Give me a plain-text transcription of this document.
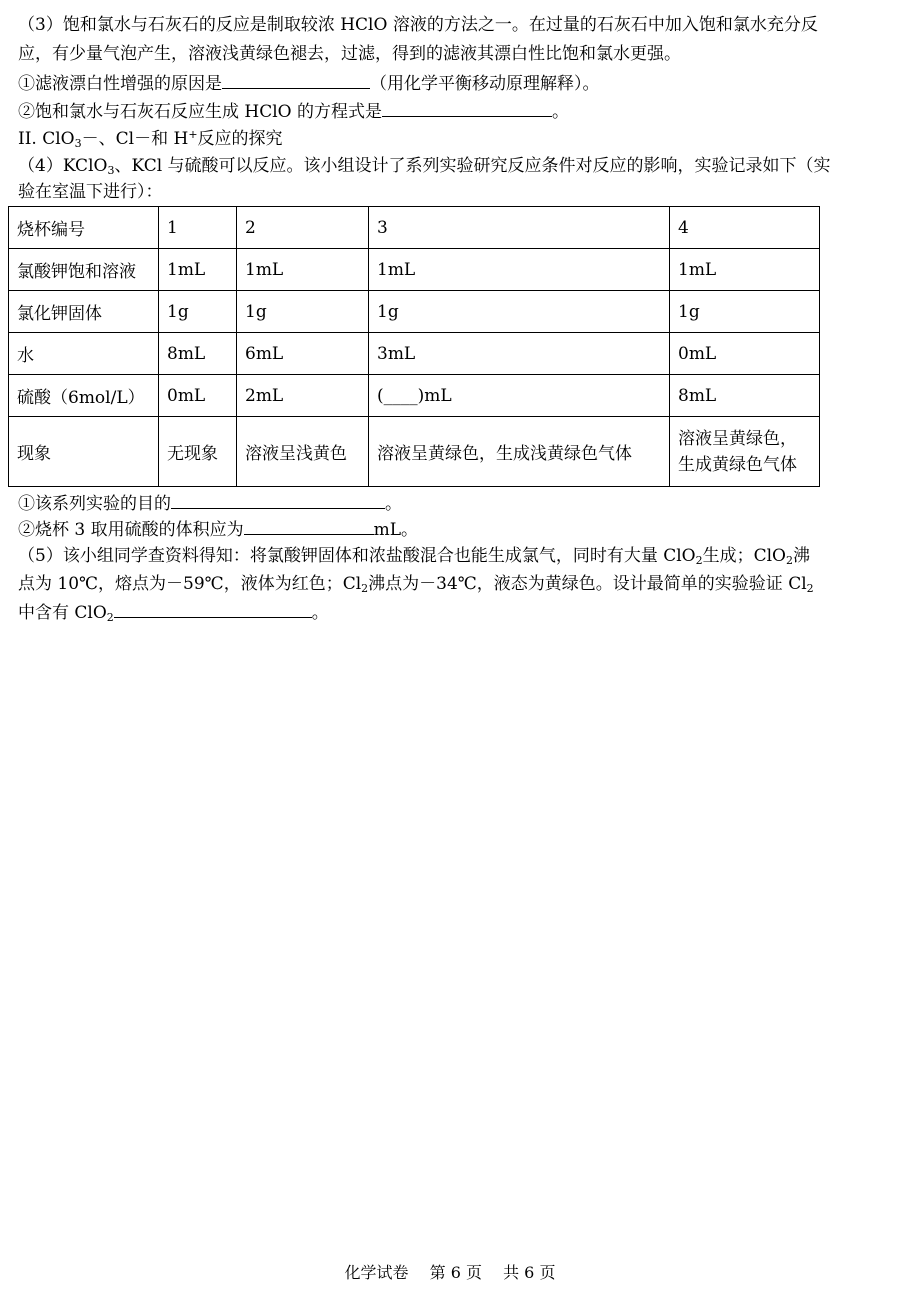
（3）饱和氯水与石灰石的反应是制取较浓 HClO 溶液的方法之一。在过量的石灰石中加入饱和氯水充分反
应，有少量气泡产生，溶液浅黄绿色褪去，过滤，得到的滤液其漂白性比饱和氯水更强。
①滤液漂白性增强的原因是	（用化学平衡移动原理解释）。
②饱和氯水与石灰石反应生成 HClO 的方程式是	。
II. ClO$_3$－、Cl－和 H+反应的探究
（4）KClO$_3$、KCl 与硫酸可以反应。该小组设计了系列实验研究反应条件对反应的影响，实验记录如下（实
验在室温下进行）：
烧杯编号	1	2	3	4
氯酸钾饱和溶液	1mL	1mL	1mL	1mL
氯化钾固体	1g	1g	1g	1g
水	8mL	6mL	3mL	0mL
硫酸（6mol/L）	0mL	2mL	(____)mL	8mL
现象	无现象	溶液呈浅黄色	溶液呈黄绿色，生成浅黄绿色气体	溶液呈黄绿色，
生成黄绿色气体
①该系列实验的目的	。
②烧杯 3 取用硫酸的体积应为	mL。
（5）该小组同学查资料得知：将氯酸钾固体和浓盐酸混合也能生成氯气，同时有大量 ClO$_2$生成；ClO$_2$沸
点为 10℃，熔点为－59℃，液体为红色；$Cl_2$沸点为－34℃，液态为黄绿色。设计最简单的实验验证 $Cl_2$
中含有 ClO$_2$	。
化学试卷 第 6 页 共 6 页
